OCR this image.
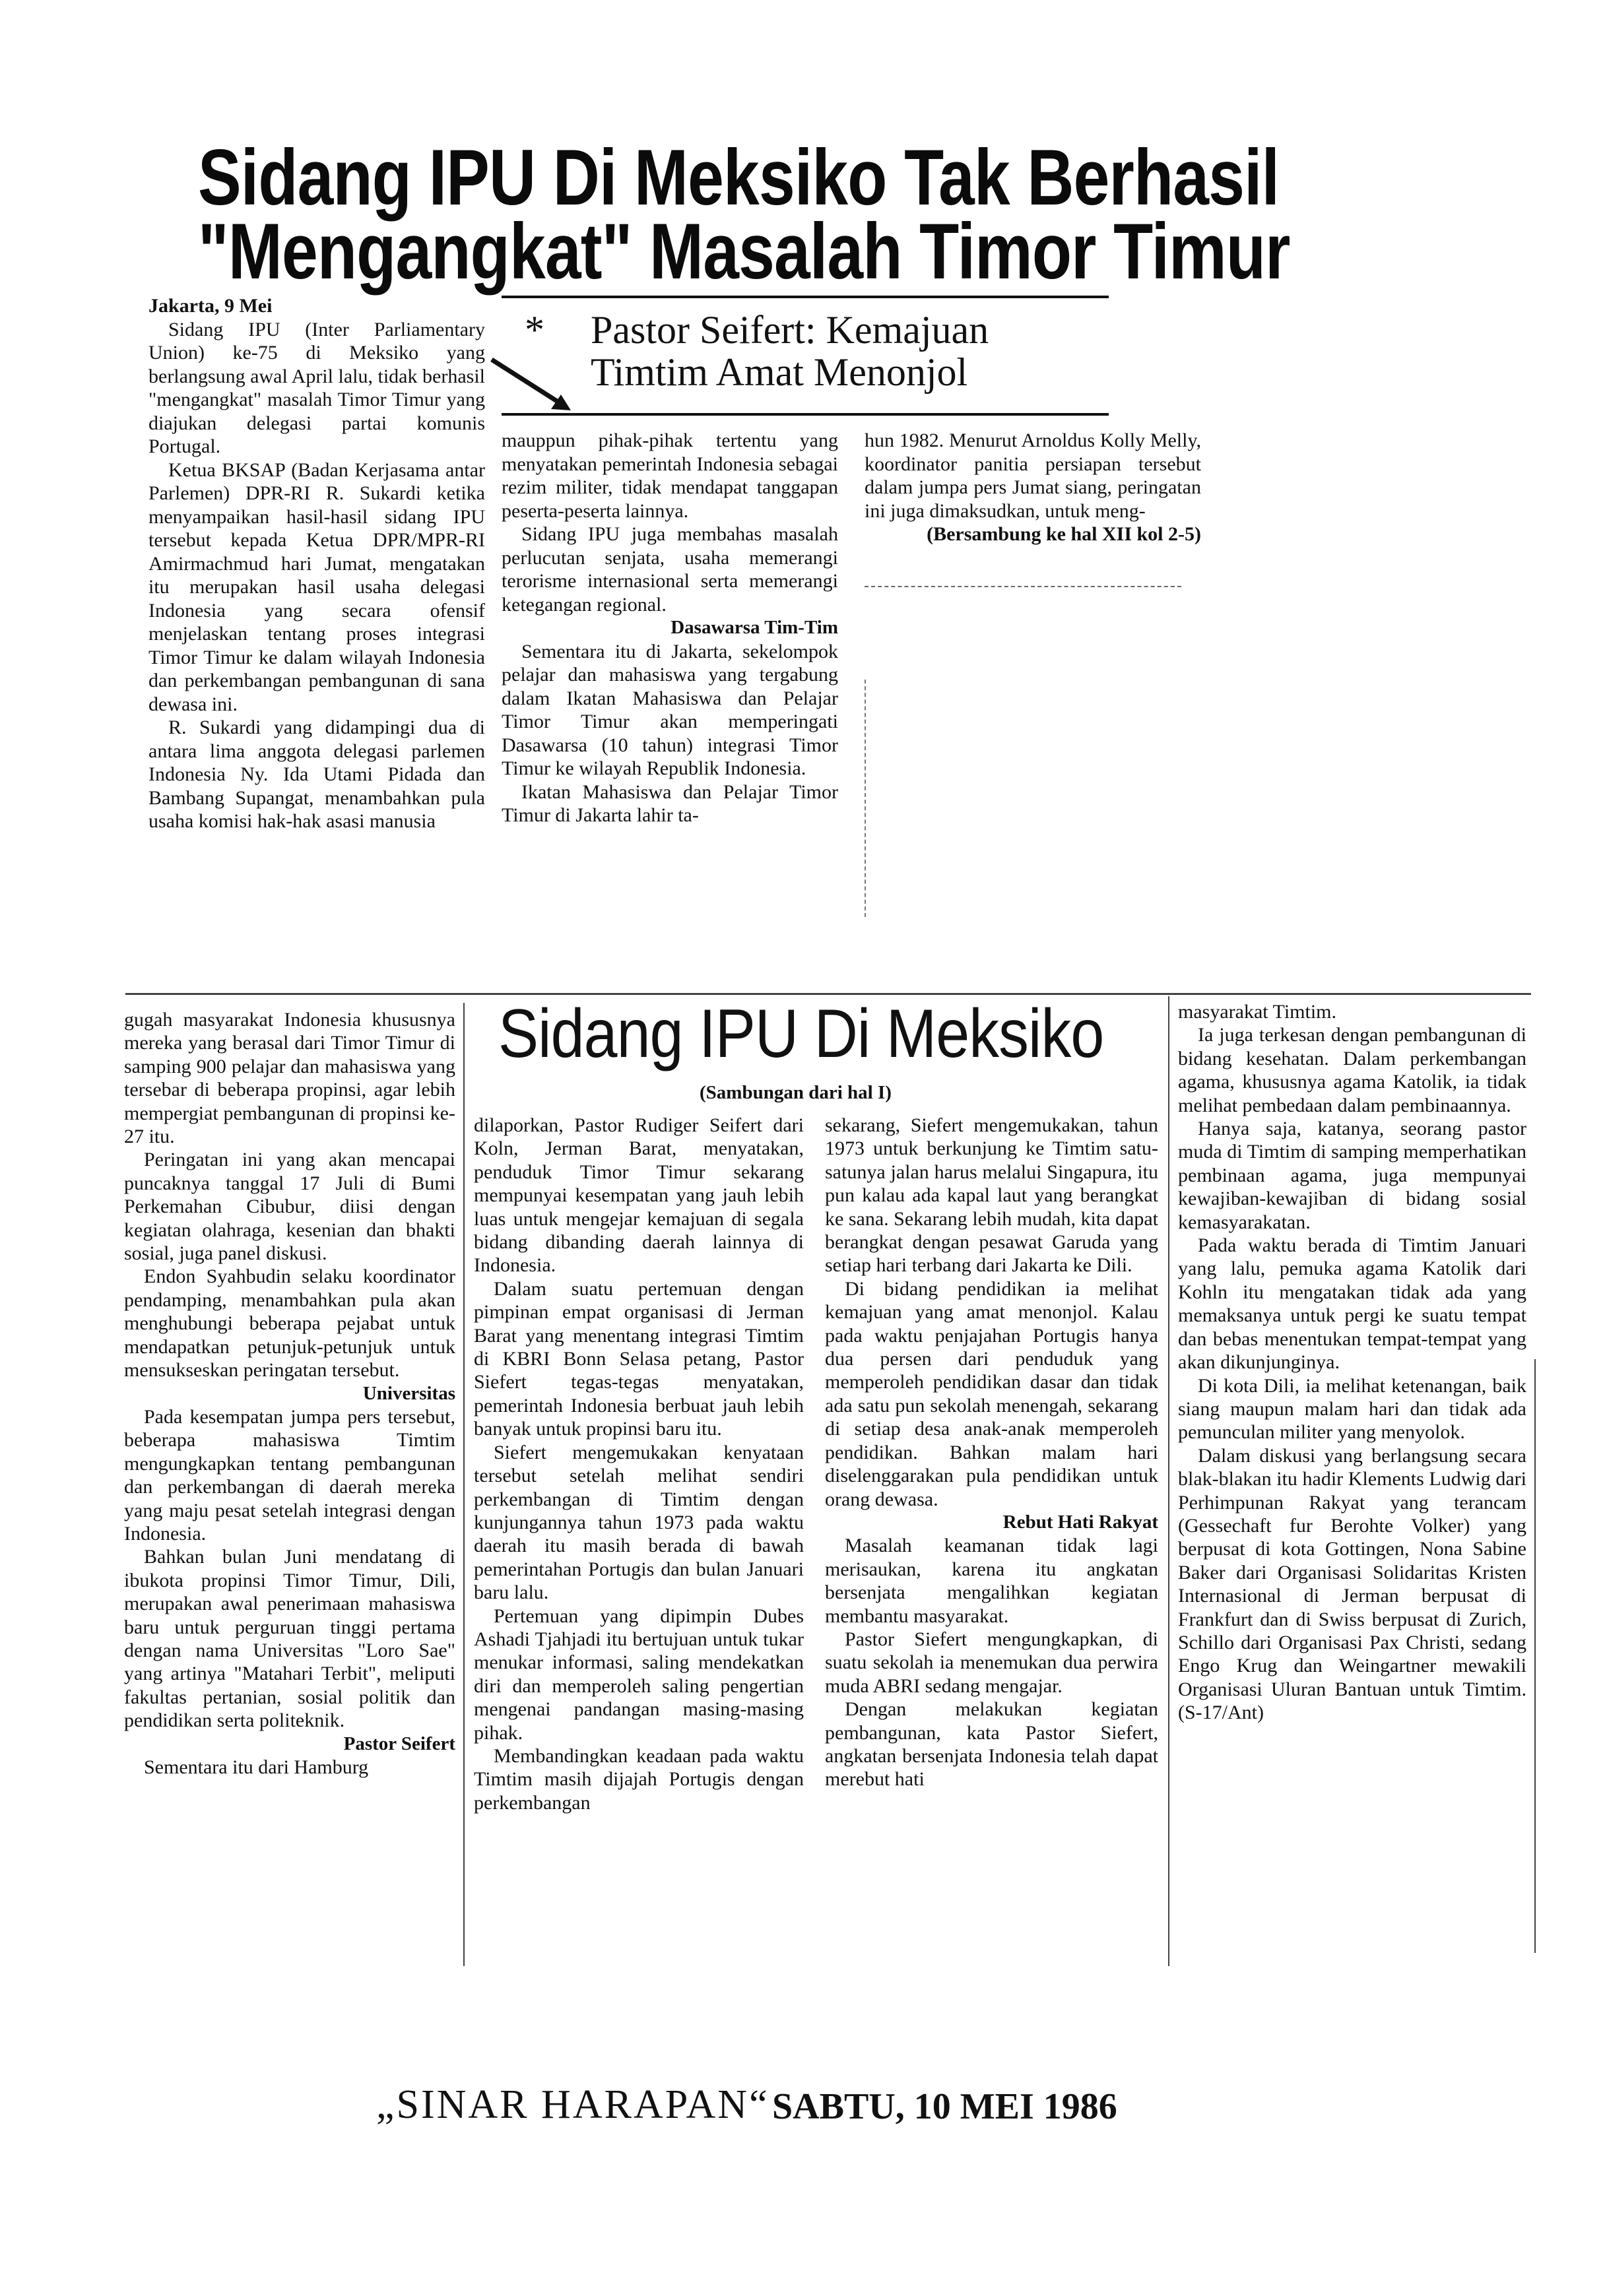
Sidang IPU Di Meksiko Tak Berhasil
"Mengangkat" Masalah Timor Timur

Jakarta, 9 Mei

Sidang IPU (Inter Parliamentary Union) ke-75 di Meksiko yang berlangsung awal April lalu, tidak berhasil "mengangkat" masalah Timor Timur yang diajukan delegasi partai komunis Portugal.

Ketua BKSAP (Badan Kerjasama antar Parlemen) DPR-RI R. Sukardi ketika menyampaikan hasil-hasil sidang IPU tersebut kepada Ketua DPR/MPR-RI Amirmachmud hari Jumat, mengatakan itu merupakan hasil usaha delegasi Indonesia yang secara ofensif menjelaskan tentang proses integrasi Timor Timur ke dalam wilayah Indonesia dan perkembangan pembangunan di sana dewasa ini.

R. Sukardi yang didampingi dua di antara lima anggota delegasi parlemen Indonesia Ny. Ida Utami Pidada dan Bambang Supangat, menambahkan pula usaha komisi hak-hak asasi manusia

* Pastor Seifert: Kemajuan
Timtim Amat Menonjol

mauppun pihak-pihak tertentu yang menyatakan pemerintah Indonesia sebagai rezim militer, tidak mendapat tanggapan peserta-peserta lainnya.

Sidang IPU juga membahas masalah perlucutan senjata, usaha memerangi terorisme internasional serta memerangi ketegangan regional.

Dasawarsa Tim-Tim

Sementara itu di Jakarta, sekelompok pelajar dan mahasiswa yang tergabung dalam Ikatan Mahasiswa dan Pelajar Timor Timur akan memperingati Dasawarsa (10 tahun) integrasi Timor Timur ke wilayah Republik Indonesia.

Ikatan Mahasiswa dan Pelajar Timor Timur di Jakarta lahir ta-

hun 1982. Menurut Arnoldus Kolly Melly, koordinator panitia persiapan tersebut dalam jumpa pers Jumat siang, peringatan ini juga dimaksudkan, untuk meng-

(Bersambung ke hal XII kol 2-5)

Sidang IPU Di Meksiko
(Sambungan dari hal I)

gugah masyarakat Indonesia khususnya mereka yang berasal dari Timor Timur di samping 900 pelajar dan mahasiswa yang tersebar di beberapa propinsi, agar lebih mempergiat pembangunan di propinsi ke-27 itu.

Peringatan ini yang akan mencapai puncaknya tanggal 17 Juli di Bumi Perkemahan Cibubur, diisi dengan kegiatan olahraga, kesenian dan bhakti sosial, juga panel diskusi.

Endon Syahbudin selaku koordinator pendamping, menambahkan pula akan menghubungi beberapa pejabat untuk mendapatkan petunjuk-petunjuk untuk mensukseskan peringatan tersebut.

Universitas

Pada kesempatan jumpa pers tersebut, beberapa mahasiswa Timtim mengungkapkan tentang pembangunan dan perkembangan di daerah mereka yang maju pesat setelah integrasi dengan Indonesia.

Bahkan bulan Juni mendatang di ibukota propinsi Timor Timur, Dili, merupakan awal penerimaan mahasiswa baru untuk perguruan tinggi pertama dengan nama Universitas "Loro Sae" yang artinya "Matahari Terbit", meliputi fakultas pertanian, sosial politik dan pendidikan serta politeknik.

Pastor Seifert

Sementara itu dari Hamburg

dilaporkan, Pastor Rudiger Seifert dari Koln, Jerman Barat, menyatakan, penduduk Timor Timur sekarang mempunyai kesempatan yang jauh lebih luas untuk mengejar kemajuan di segala bidang dibanding daerah lainnya di Indonesia.

Dalam suatu pertemuan dengan pimpinan empat organisasi di Jerman Barat yang menentang integrasi Timtim di KBRI Bonn Selasa petang, Pastor Siefert tegas-tegas menyatakan, pemerintah Indonesia berbuat jauh lebih banyak untuk propinsi baru itu.

Siefert mengemukakan kenyataan tersebut setelah melihat sendiri perkembangan di Timtim dengan kunjungannya tahun 1973 pada waktu daerah itu masih berada di bawah pemerintahan Portugis dan bulan Januari baru lalu.

Pertemuan yang dipimpin Dubes Ashadi Tjahjadi itu bertujuan untuk tukar menukar informasi, saling mendekatkan diri dan memperoleh saling pengertian mengenai pandangan masing-masing pihak.

Membandingkan keadaan pada waktu Timtim masih dijajah Portugis dengan perkembangan

sekarang, Siefert mengemukakan, tahun 1973 untuk berkunjung ke Timtim satu-satunya jalan harus melalui Singapura, itu pun kalau ada kapal laut yang berangkat ke sana. Sekarang lebih mudah, kita dapat berangkat dengan pesawat Garuda yang setiap hari terbang dari Jakarta ke Dili.

Di bidang pendidikan ia melihat kemajuan yang amat menonjol. Kalau pada waktu penjajahan Portugis hanya dua persen dari penduduk yang memperoleh pendidikan dasar dan tidak ada satu pun sekolah menengah, sekarang di setiap desa anak-anak memperoleh pendidikan. Bahkan malam hari diselenggarakan pula pendidikan untuk orang dewasa.

Rebut Hati Rakyat

Masalah keamanan tidak lagi merisaukan, karena itu angkatan bersenjata mengalihkan kegiatan membantu masyarakat.

Pastor Siefert mengungkapkan, di suatu sekolah ia menemukan dua perwira muda ABRI sedang mengajar.

Dengan melakukan kegiatan pembangunan, kata Pastor Siefert, angkatan bersenjata Indonesia telah dapat merebut hati

masyarakat Timtim.

Ia juga terkesan dengan pembangunan di bidang kesehatan. Dalam perkembangan agama, khususnya agama Katolik, ia tidak melihat pembedaan dalam pembinaannya.

Hanya saja, katanya, seorang pastor muda di Timtim di samping memperhatikan pembinaan agama, juga mempunyai kewajiban-kewajiban di bidang sosial kemasyarakatan.

Pada waktu berada di Timtim Januari yang lalu, pemuka agama Katolik dari Kohln itu mengatakan tidak ada yang memaksanya untuk pergi ke suatu tempat dan bebas menentukan tempat-tempat yang akan dikunjunginya.

Di kota Dili, ia melihat ketenangan, baik siang maupun malam hari dan tidak ada pemunculan militer yang menyolok.

Dalam diskusi yang berlangsung secara blak-blakan itu hadir Klements Ludwig dari Perhimpunan Rakyat yang terancam (Gessechaft fur Berohte Volker) yang berpusat di kota Gottingen, Nona Sabine Baker dari Organisasi Solidaritas Kristen Internasional di Jerman berpusat di Frankfurt dan di Swiss berpusat di Zurich, Schillo dari Organisasi Pax Christi, sedang Engo Krug dan Weingartner mewakili Organisasi Uluran Bantuan untuk Timtim. (S-17/Ant)

„SINAR HARAPAN“ SABTU, 10 MEI 1986
